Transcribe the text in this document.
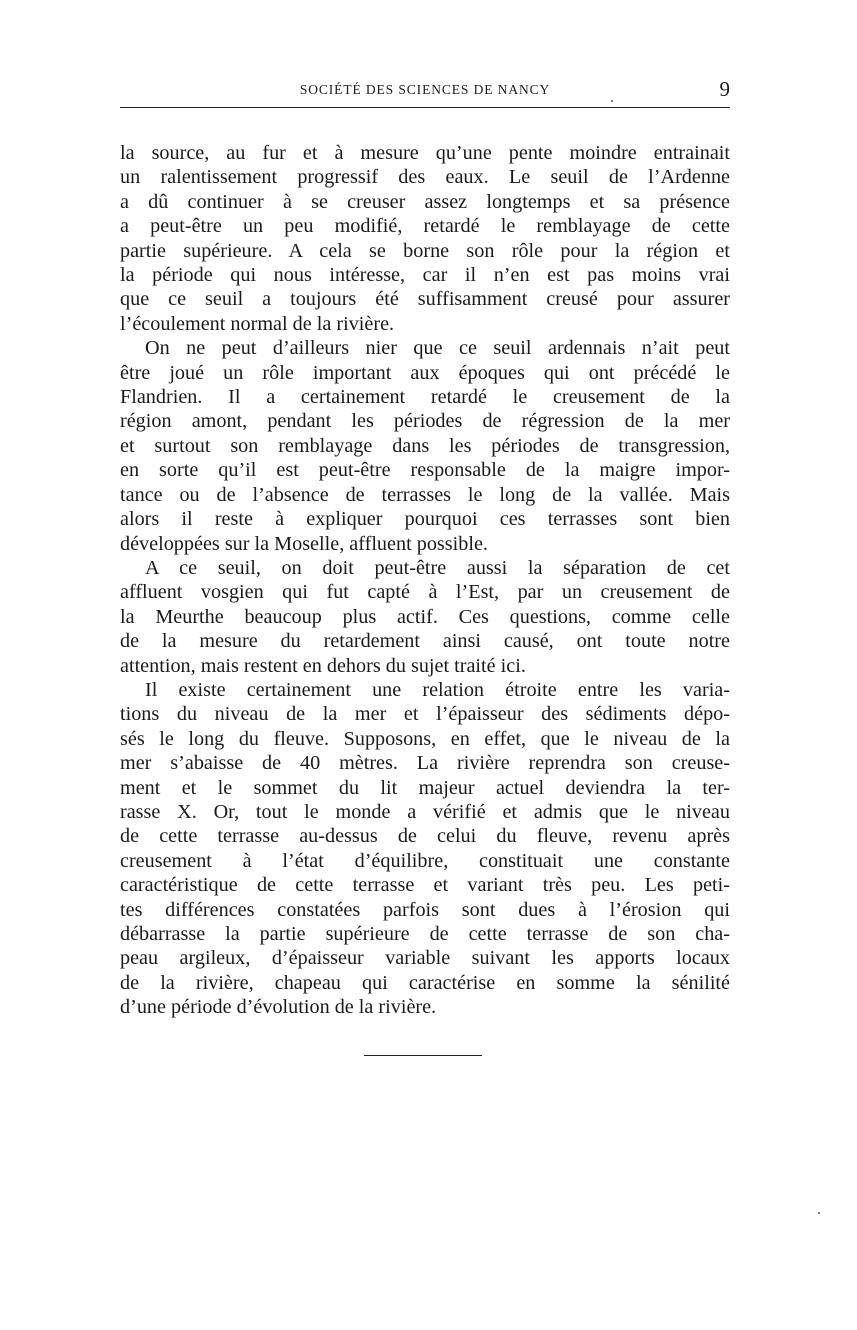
SOCIÉTÉ DES SCIENCES DE NANCY	9

la source, au fur et à mesure qu’une pente moindre entrainait

un ralentissement progressif des eaux. Le seuil de l’Ardenne

a dû continuer à se creuser assez longtemps et sa présence

a peut-être un peu modifié, retardé le remblayage de cette

partie supérieure. A cela se borne son rôle pour la région et

la période qui nous intéresse, car il n’en est pas moins vrai

que ce seuil a toujours été suffisamment creusé pour assurer

l’écoulement normal de la rivière.

On ne peut d’ailleurs nier que ce seuil ardennais n’ait peut

être joué un rôle important aux époques qui ont précédé le

Flandrien. Il a certainement retardé le creusement de la

région amont, pendant les périodes de régression de la mer

et surtout son remblayage dans les périodes de transgression,

en sorte qu’il est peut-être responsable de la maigre impor-

tance ou de l’absence de terrasses le long de la vallée. Mais

alors il reste à expliquer pourquoi ces terrasses sont bien

développées sur la Moselle, affluent possible.

A ce seuil, on doit peut-être aussi la séparation de cet

affluent vosgien qui fut capté à l’Est, par un creusement de

la Meurthe beaucoup plus actif. Ces questions, comme celle

de la mesure du retardement ainsi causé, ont toute notre

attention, mais restent en dehors du sujet traité ici.

Il existe certainement une relation étroite entre les varia-

tions du niveau de la mer et l’épaisseur des sédiments dépo-

sés le long du fleuve. Supposons, en effet, que le niveau de la

mer s’abaisse de 40 mètres. La rivière reprendra son creuse-

ment et le sommet du lit majeur actuel deviendra la ter-

rasse X. Or, tout le monde a vérifié et admis que le niveau

de cette terrasse au-dessus de celui du fleuve, revenu après

creusement à l’état d’équilibre, constituait une constante

caractéristique de cette terrasse et variant très peu. Les peti-

tes différences constatées parfois sont dues à l’érosion qui

débarrasse la partie supérieure de cette terrasse de son cha-

peau argileux, d’épaisseur variable suivant les apports locaux

de la rivière, chapeau qui caractérise en somme la sénilité

d’une période d’évolution de la rivière.
